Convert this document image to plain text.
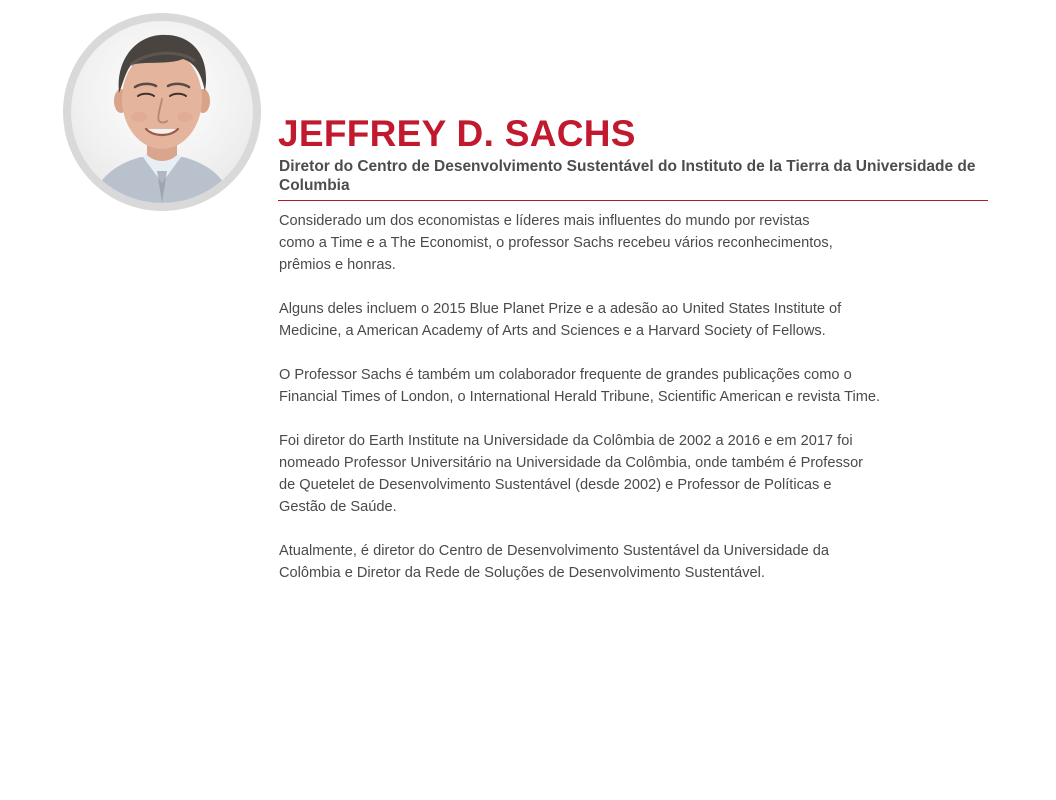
JEFFREY D. SACHS
Diretor do Centro de Desenvolvimento Sustentável do Instituto de la Tierra da Universidade de Columbia

Considerado um dos economistas e líderes mais influentes do mundo por revistas
como a Time e a The Economist, o professor Sachs recebeu vários reconhecimentos,
prêmios e honras.

Alguns deles incluem o 2015 Blue Planet Prize e a adesão ao United States Institute of
Medicine, a American Academy of Arts and Sciences e a Harvard Society of Fellows.

O Professor Sachs é também um colaborador frequente de grandes publicações como o
Financial Times of London, o International Herald Tribune, Scientific American e revista Time.

Foi diretor do Earth Institute na Universidade da Colômbia de 2002 a 2016 e em 2017 foi
nomeado Professor Universitário na Universidade da Colômbia, onde também é Professor
de Quetelet de Desenvolvimento Sustentável (desde 2002) e Professor de Políticas e
Gestão de Saúde.

Atualmente, é diretor do Centro de Desenvolvimento Sustentável da Universidade da
Colômbia e Diretor da Rede de Soluções de Desenvolvimento Sustentável.
